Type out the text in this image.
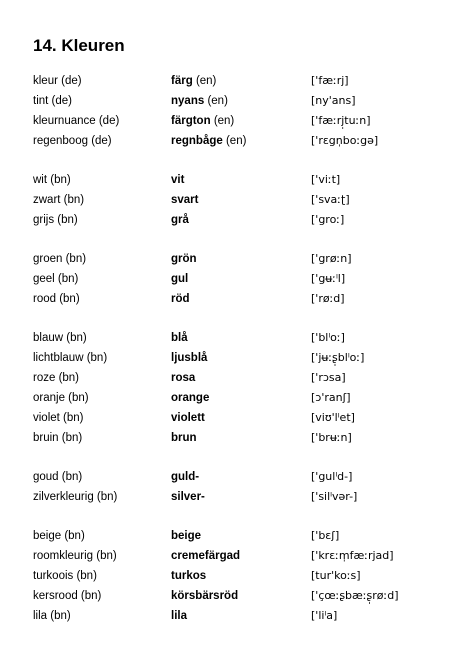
14. Kleuren
kleur (de)	färg (en)	['fæːrj]
tint (de)	nyans (en)	[ny'ans]
kleurnuance (de)	färgton (en)	['fæːrj̩tuːn]
regenboog (de)	regnbåge (en)	['rɛgn̩boːgə]
wit (bn)	vit	['viːt]
zwart (bn)	svart	['svaːʈ]
grijs (bn)	grå	['groː]
groen (bn)	grön	['grøːn]
geel (bn)	gul	['gʉːˡl]
rood (bn)	röd	['røːd]
blauw (bn)	blå	['blˡoː]
lichtblauw (bn)	ljusblå	['jʉːʂ̩blˡoː]
roze (bn)	rosa	['rɔsa]
oranje (bn)	orange	[ɔ'ranʃ]
violet (bn)	violett	[viʊ'lˡet]
bruin (bn)	brun	['brʉːn]
goud (bn)	guld-	['gulˡd-]
zilverkleurig (bn)	silver-	['silˡvər-]
beige (bn)	beige	['bɛʃ]
roomkleurig (bn)	cremefärgad	['krɛːm̩fæːrjad]
turkoois (bn)	turkos	[tur'koːs]
kersrood (bn)	körsbärsröd	['çœːʂbæːʂ̩røːd]
lila (bn)	lila	['liˡa]
